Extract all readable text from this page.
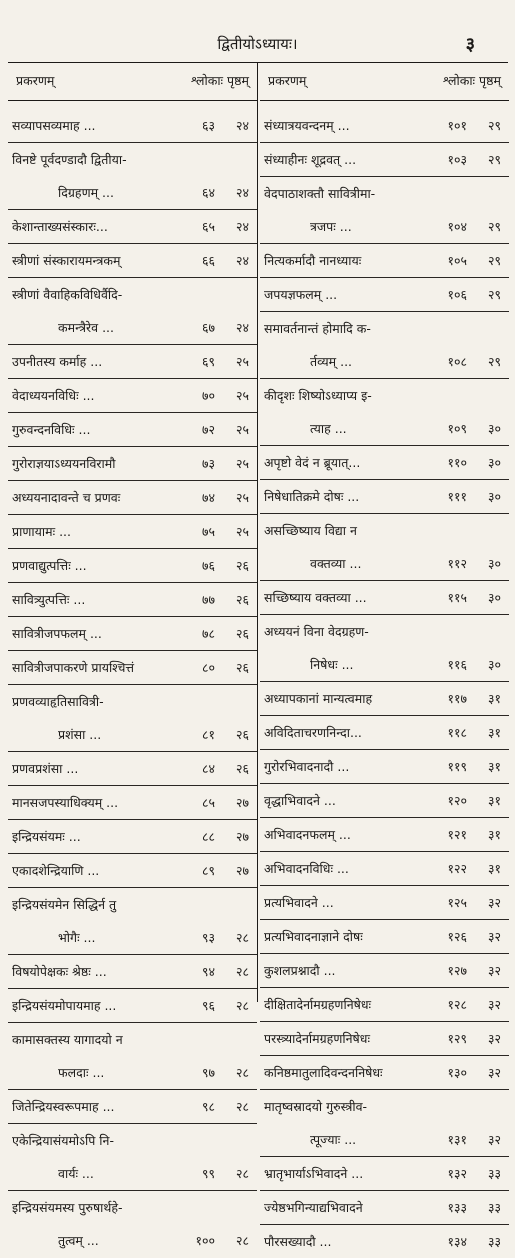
द्वितीयोऽध्यायः।	३
प्रकरणम्	श्लोकाः पृष्ठम्
सव्यापसव्यमाह ...	६३	२४
विनष्टे पूर्वदण्डादौ द्वितीया-
दिग्रहणम् ...	६४	२४
केशान्ताख्यसंस्कारः...	६५	२४
स्त्रीणां संस्कारायमन्त्रकम्	६६	२४
स्त्रीणां वैवाहिकविधिर्वैदि-
कमन्त्रैरेव ...	६७	२४
उपनीतस्य कर्माह ...	६९	२५
वेदाध्ययनविधिः ...	७०	२५
गुरुवन्दनविधिः ...	७२	२५
गुरोराज्ञयाऽध्ययनविरामौ	७३	२५
अध्ययनादावन्ते च प्रणवः	७४	२५
प्राणायामः ...	७५	२५
प्रणवाद्युत्पत्तिः ...	७६	२६
सावित्र्युत्पत्तिः ...	७७	२६
सावित्रीजपफलम् ...	७८	२६
सावित्रीजपाकरणे प्रायश्चित्तं	८०	२६
प्रणवव्याहृतिसावित्री-
प्रशंसा ...	८१	२६
प्रणवप्रशंसा ...	८४	२६
मानसजपस्याधिक्यम् ...	८५	२७
इन्द्रियसंयमः ...	८८	२७
एकादशेन्द्रियाणि ...	८९	२७
इन्द्रियसंयमेन सिद्धिर्न तु
भोगैः ...	९३	२८
विषयोपेक्षकः श्रेष्ठः ...	९४	२८
इन्द्रियसंयमोपायमाह ...	९६	२८
कामासक्तस्य यागादयो न
फलदाः ...	९७	२८
जितेन्द्रियस्वरूपमाह ...	९८	२८
एकेन्द्रियासंयमोऽपि नि-
वार्यः ...	९९	२८
इन्द्रियसंयमस्य पुरुषार्थहे-
तुत्वम् ...	१००	२८
प्रकरणम्	श्लोकाः पृष्ठम्
संध्यात्रयवन्दनम् ...	१०१	२९
संध्याहीनः शूद्रवत् ...	१०३	२९
वेदपाठाशक्तौ सावित्रीमा-
त्रजपः ...	१०४	२९
नित्यकर्मादौ नानध्यायः	१०५	२९
जपयज्ञफलम् ...	१०६	२९
समावर्तनान्तं होमादि क-
र्तव्यम् ...	१०८	२९
कीदृशः शिष्योऽध्याप्य इ-
त्याह ...	१०९	३०
अपृष्टो वेदं न ब्रूयात्...	११०	३०
निषेधातिक्रमे दोषः ...	१११	३०
असच्छिष्याय विद्या न
वक्तव्या ...	११२	३०
सच्छिष्याय वक्तव्या ...	११५	३०
अध्ययनं विना वेदग्रहण-
निषेधः ...	११६	३०
अध्यापकानां मान्यत्वमाह	११७	३१
अविदिताचरणनिन्दा...	११८	३१
गुरोरभिवादनादौ ...	११९	३१
वृद्धाभिवादने ...	१२०	३१
अभिवादनफलम् ...	१२१	३१
अभिवादनविधिः ...	१२२	३१
प्रत्यभिवादने ...	१२५	३२
प्रत्यभिवादनाज्ञाने दोषः	१२६	३२
कुशलप्रश्नादौ ...	१२७	३२
दीक्षितादेर्नामग्रहणनिषेधः	१२८	३२
परस्त्र्यादेर्नामग्रहणनिषेधः	१२९	३२
कनिष्ठमातुलादिवन्दननिषेधः	१३०	३२
मातृष्वस्रादयो गुरुस्त्रीव-
त्पूज्याः ...	१३१	३२
भ्रातृभार्याऽभिवादने ...	१३२	३३
ज्येष्ठभगिन्याद्यभिवादने	१३३	३३
पौरसख्यादौ ...	१३४	३३
